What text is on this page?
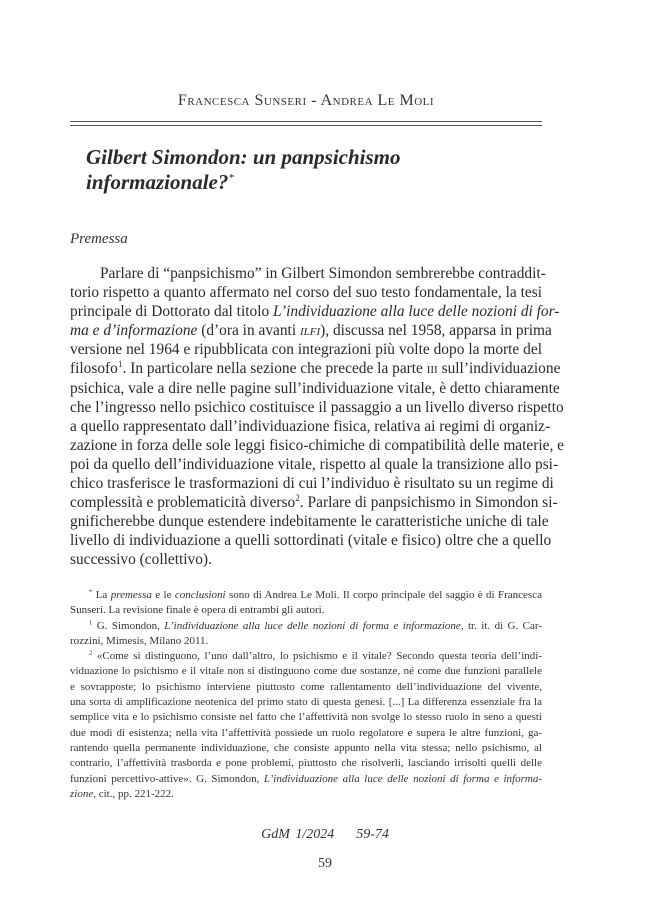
Francesca Sunseri - Andrea Le Moli
Gilbert Simondon: un panpsichismo informazionale?*
Premessa
Parlare di “panpsichismo” in Gilbert Simondon sembrerebbe contraddit-
torio rispetto a quanto affermato nel corso del suo testo fondamentale, la tesi
principale di Dottorato dal titolo L’individuazione alla luce delle nozioni di for-
ma e d’informazione (d’ora in avanti ilfi), discussa nel 1958, apparsa in prima
versione nel 1964 e ripubblicata con integrazioni più volte dopo la morte del
filosofo$^1$. In particolare nella sezione che precede la parte iii sull’individuazione
psichica, vale a dire nelle pagine sull’individuazione vitale, è detto chiaramente
che l’ingresso nello psichico costituisce il passaggio a un livello diverso rispetto
a quello rappresentato dall’individuazione fisica, relativa ai regimi di organiz-
zazione in forza delle sole leggi fisico-chimiche di compatibilità delle materie, e
poi da quello dell’individuazione vitale, rispetto al quale la transizione allo psi-
chico trasferisce le trasformazioni di cui l’individuo è risultato su un regime di
complessità e problematicità diverso$^2$. Parlare di panpsichismo in Simondon si-
gnificherebbe dunque estendere indebitamente le caratteristiche uniche di tale
livello di individuazione a quelli sottordinati (vitale e fisico) oltre che a quello
successivo (collettivo).
* La premessa e le conclusioni sono di Andrea Le Moli. Il corpo principale del saggio è di Francesca
Sunseri. La revisione finale è opera di entrambi gli autori.
$^1$ G. Simondon, L’individuazione alla luce delle nozioni di forma e informazione, tr. it. di G. Car-
rozzini, Mimesis, Milano 2011.
$^2$ «Come si distinguono, l’uno dall’altro, lo psichismo e il vitale? Secondo questa teoria dell’indi-
viduazione lo psichismo e il vitale non si distinguono come due sostanze, né come due funzioni parallele
e sovrapposte; lo psichismo interviene piuttosto come rallentamento dell’individuazione del vivente,
una sorta di amplificazione neotenica del primo stato di questa genesi. [...] La differenza essenziale fra la
semplice vita e lo psichismo consiste nel fatto che l’affettività non svolge lo stesso ruolo in seno a questi
due modi di esistenza; nella vita l’affettività possiede un ruolo regolatore e supera le altre funzioni, ga-
rantendo quella permanente individuazione, che consiste appunto nella vita stessa; nello psichismo, al
contrario, l’affettività trasborda e pone problemi, piuttosto che risolverli, lasciando irrisolti quelli delle
funzioni percettivo-attive». G. Simondon, L’individuazione alla luce delle nozioni di forma e informa-
zione, cit., pp. 221-222.
GdM 1/2024    59-74
59
